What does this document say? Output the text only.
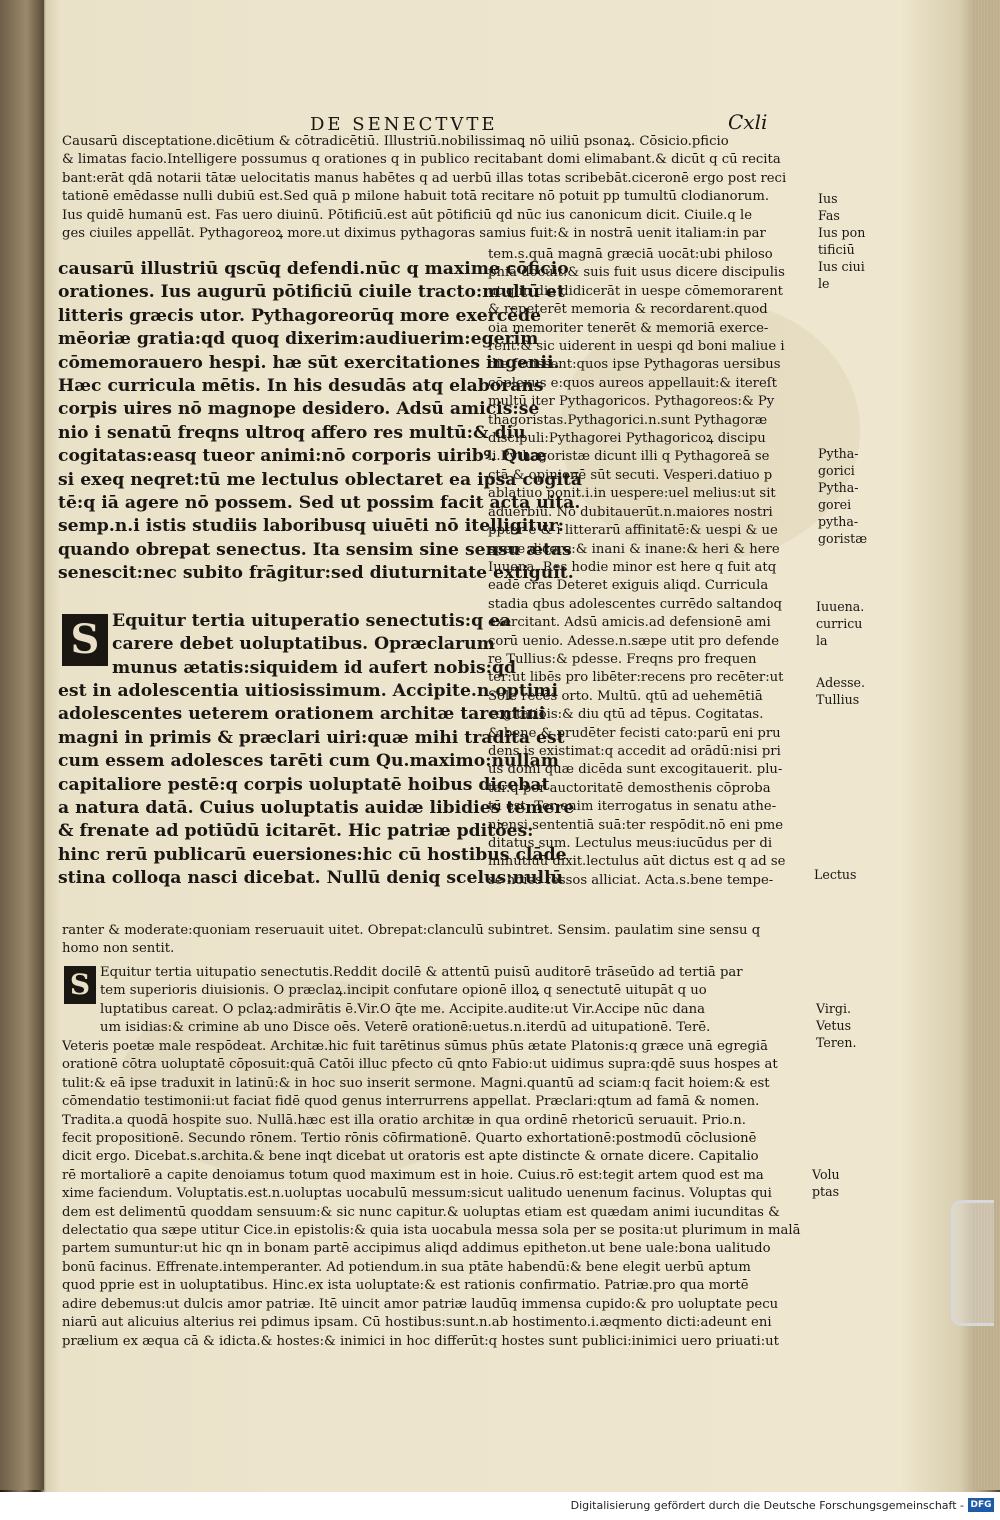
DE SENECTVTE	Cxli
Causarū disceptatione.dicētium & cōtradicētiū. Illustriū.nobilissimaꝗ nō uiliū psonaꝝ. Cōsicio.pficio
& limatas facio.Intelligere possumus q orationes q in publico recitabant domi elimabant.& dicūt q cū recita
bant:erāt qdā notarii tātæ uelocitatis manus habētes q ad uerbū illas totas scribebāt.ciceronē ergo post reci
tationē emēdasse nulli dubiū est.Sed quā p milone habuit totā recitare nō potuit pp tumultū clodianorum.
Ius quidē humanū est. Fas uero diuinū. Pōtificiū.est aūt pōtificiū qd nūc ius canonicum dicit. Ciuile.q le
ges ciuiles appellāt. Pythagoreoꝝ more.ut diximus pythagoras samius fuit:& in nostrā uenit italiam:in par
causarū illustriū qscūq defendi.nūc q maxime cōficio
orationes. Ius augurū pōtificiū ciuile tracto:multū et
litteris græcis utor. Pythagoreorūq more exercēde
mēoriæ gratia:qd quoq dixerim:audiuerim:egerim
cōmemorauero hespi. hæ sūt exercitationes ingenii.
Hæc curricula mētis. In his desudās atq elaborans
corpis uires nō magnope desidero. Adsū amicis:se
nio i senatū freqns ultroq affero res multū:& diu
cogitatas:easq tueor animi:nō corporis uiribꝰ. Quæ
si exeq neqret:tū me lectulus oblectaret ea ipsa cogitā
tē:q iā agere nō possem. Sed ut possim facit acta uita.
semp.n.i istis studiis laboribusq uiuēti nō itelligitur:
quando obrepat senectus. Ita sensim sine sensu ætas
senescit:nec subito frāgitur:sed diuturnitate extiguit.
S Equitur tertia uituperatio senectutis:q ea
carere debet uoluptatibus. Opræclarum
munus ætatis:siquidem id aufert nobis:qd
est in adolescentia uitiosissimum. Accipite.n.optimi
adolescentes ueterem orationem architæ tarentini
magni in primis & præclari uiri:quæ mihi tradita est
cum essem adolesces tarēti cum Qu.maximo:nullam
capitaliore pestē:q corpis uoluptatē hoibus dicebat
a natura datā. Cuius uoluptatis auidæ libidies temere
& frenate ad potiūdū icitarēt. Hic patriæ pditões:
hinc rerū publicarū euersiones:hic cū hostibus clāde
stina colloqa nasci dicebat. Nullū deniq scelus:nullū
tem.s.quā magnā græciā uocāt:ubi philoso
phiā docuit:& suis fuit usus dicere discipulis
ut q in die didicerāt in uespe cōmemorarent
& repeterēt memoria & recordarent.quod
oia memoriter tenerēt & memoriā exerce-
rent:& sic uiderent in uespi qd boni maliue i
die fecissent:quos ipse Pythagoras uersibus
cōplexus e:quos aureos appellauit:& itereſt
multū iter Pythagoricos. Pythagoreos:& Py
thagoristas.Pythagorici.n.sunt Pythagoræ
discipuli:Pythagorei Pythagoricoꝝ discipu
li.Pythagoristæ dicunt illi q Pythagoreā se
ctā & opinionē sūt secuti. Vesperi.datiuo p
ablatiuo ponit.i.in uespere:uel melius:ut sit
aduerbiū. Nō dubitauerūt.n.maiores nostri
ppter e & i litterarū affinitatē:& uespi & ue
spere dicere:& inani & inane:& heri & here
Iuuena. Res hodie minor est here q fuit atq
eadē cras Deteret exiguis aliqd. Curricula
stadia qbus adolescentes currēdo saltandoq
exercitant. Adsū amicis.ad defensionē ami
corū uenio. Adesse.n.sæpe utit pro defende
re Tullius:& pdesse. Freqns pro frequen
ter:ut libēs pro libēter:recens pro recēter:ut
Sole recēs orto. Multū. qtū ad uehemētiā
cogitatiōis:& diu qtū ad tēpus. Cogitatas.
& bene & prudēter fecisti cato:parū eni pru
dens is existimat:q accedit ad orādū:nisi pri
us domi quæ dicēda sunt excogitauerit. plu-
tar.q per auctoritatē demosthenis cōproba
tū est. Ter enim iterrogatus in senatu athe-
niensi sententiā suā:ter respōdit.nō eni pme
ditatus sum. Lectulus meus:iucūdus per di
minutiuū dixit.lectulus aūt dictus est q ad se
se hoies fessos alliciat. Acta.s.bene tempe-
ranter & moderate:quoniam reseruauit uitet. Obrepat:clanculū subintret. Sensim. paulatim sine sensu q
homo non sentit.
S Equitur tertia uitupatio senectutis.Reddit docilē & attentū puisū auditorē trāseūdo ad tertiā par
tem superioris diuisionis. O præclaꝝ.incipit confutare opionē illoꝝ q senectutē uitupāt q uo
luptatibus careat. O pclaꝝ:admirātis ē.Vir.O q̄te me. Accipite.audite:ut Vir.Accipe nūc dana
um isidias:& crimine ab uno Disce oēs. Veterē orationē:uetus.n.iterdū ad uitupationē. Terē.
Veteris poetæ male respōdeat. Architæ.hic fuit tarētinus sūmus phūs ætate Platonis:q græce unā egregiā
orationē cōtra uoluptatē cōposuit:quā Catōi illuc pfecto cū qnto Fabio:ut uidimus supra:qdē suus hospes at
tulit:& eā ipse traduxit in latinū:& in hoc suo inserit sermone. Magni.quantū ad sciam:q facit hoiem:& est
cōmendatio testimonii:ut faciat fidē quod genus interrurrens appellat. Præclari:qtum ad famā & nomen.
Tradita.a quodā hospite suo. Nullā.hæc est illa oratio architæ in qua ordinē rhetoricū seruauit. Prio.n.
fecit propositionē. Secundo rōnem. Tertio rōnis cōfirmationē. Quarto exhortationē:postmodū cōclusionē
dicit ergo. Dicebat.s.archita.& bene inqt dicebat ut oratoris est apte distincte & ornate dicere. Capitalio
rē mortaliorē a capite denoiamus totum quod maximum est in hoie. Cuius.rō est:tegit artem quod est ma
xime faciendum. Voluptatis.est.n.uoluptas uocabulū messum:sicut ualitudo uenenum facinus. Voluptas qui
dem est delimentū quoddam sensuum:& sic nunc capitur.& uoluptas etiam est quædam animi iucunditas &
delectatio qua sæpe utitur Cice.in epistolis:& quia ista uocabula messa sola per se posita:ut plurimum in malā
partem sumuntur:ut hic qn in bonam partē accipimus aliqd addimus epitheton.ut bene uale:bona ualitudo
bonū facinus. Effrenate.intemperanter. Ad potiendum.in sua ptāte habendū:& bene elegit uerbū aptum
quod pprie est in uoluptatibus. Hinc.ex ista uoluptate:& est rationis confirmatio. Patriæ.pro qua mortē
adire debemus:ut dulcis amor patriæ. Itē uincit amor patriæ laudūq immensa cupido:& pro uoluptate pecu
niarū aut alicuius alterius rei pdimus ipsam. Cū hostibus:sunt.n.ab hostimento.i.æqmento dicti:adeunt eni
prælium ex æqua cā & idicta.& hostes:& inimici in hoc differūt:q hostes sunt publici:inimici uero priuati:ut
Ius
Fas
Ius pon
tificiū
Ius ciui
le
Pytha-
gorici
Pytha-
gorei
pytha-
goristæ
Iuuena.
curricu
la
Adesse.
Tullius
Lectus
Virgi.
Vetus
Teren.
Volu
ptas
Digitalisierung gefördert durch die Deutsche Forschungsgemeinschaft - DFG
